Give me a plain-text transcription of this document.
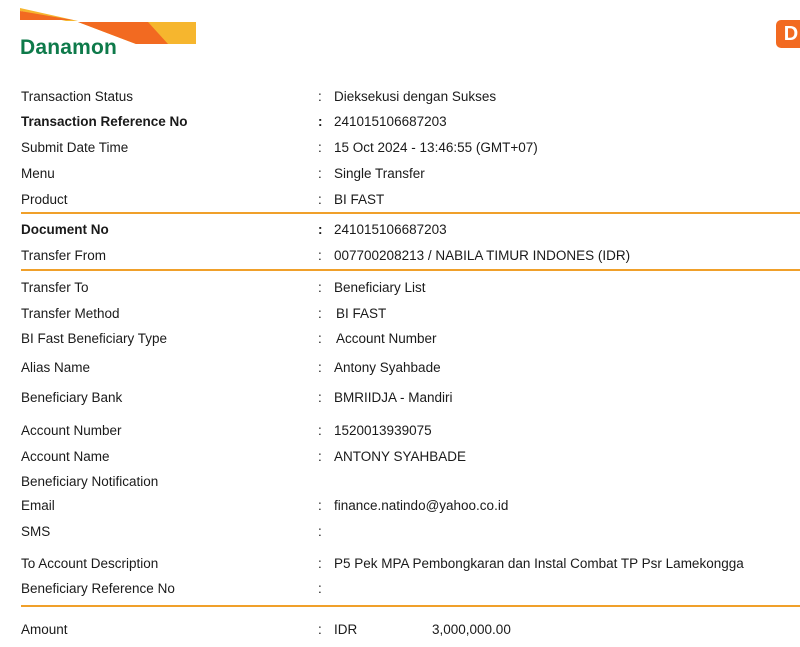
Danamon
D
Transaction Status	: Dieksekusi dengan Sukses
Transaction Reference No	: 241015106687203
Submit Date Time	: 15 Oct 2024 - 13:46:55 (GMT+07)
Menu	: Single Transfer
Product	: BI FAST
Document No	: 241015106687203
Transfer From	: 007700208213 / NABILA TIMUR INDONES (IDR)
Transfer To	: Beneficiary List
Transfer Method	: BI FAST
BI Fast Beneficiary Type	: Account Number
Alias Name	: Antony Syahbade
Beneficiary Bank	: BMRIIDJA - Mandiri
Account Number	: 1520013939075
Account Name	: ANTONY SYAHBADE
Beneficiary Notification
Email	: finance.natindo@yahoo.co.id
SMS	:
To Account Description	: P5 Pek MPA Pembongkaran dan Instal Combat TP Psr Lamekongga
Beneficiary Reference No	:
Amount	: IDR	3,000,000.00
